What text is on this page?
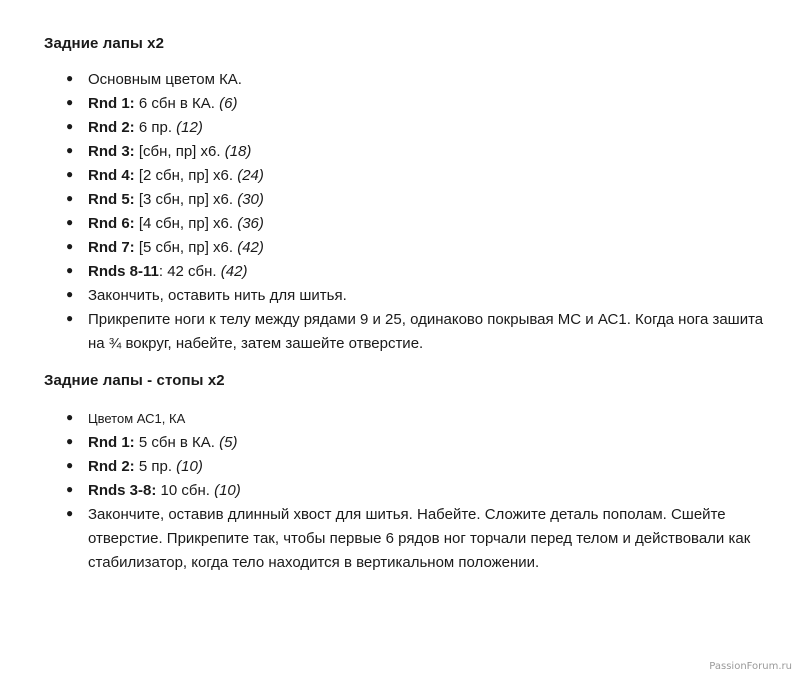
Задние лапы х2
● Основным цветом КА.
● Rnd 1: 6 сбн в КА. (6)
● Rnd 2: 6 пр. (12)
● Rnd 3: [сбн, пр] х6. (18)
● Rnd 4: [2 сбн, пр] х6. (24)
● Rnd 5: [3 сбн, пр] х6. (30)
● Rnd 6: [4 сбн, пр] х6. (36)
● Rnd 7: [5 сбн, пр] х6. (42)
● Rnds 8-11: 42 сбн. (42)
● Закончить, оставить нить для шитья.
● Прикрепите ноги к телу между рядами 9 и 25, одинаково покрывая МС и АС1. Когда нога зашита на ¾ вокруг, набейте, затем зашейте отверстие.
Задние лапы - стопы х2
● Цветом АС1, КА
● Rnd 1: 5 сбн в КА. (5)
● Rnd 2: 5 пр. (10)
● Rnds 3-8: 10 сбн. (10)
● Закончите, оставив длинный хвост для шитья. Набейте. Сложите деталь пополам. Сшейте отверстие. Прикрепите так, чтобы первые 6 рядов ног торчали перед телом и действовали как стабилизатор, когда тело находится в вертикальном положении.
PassionForum.ru
